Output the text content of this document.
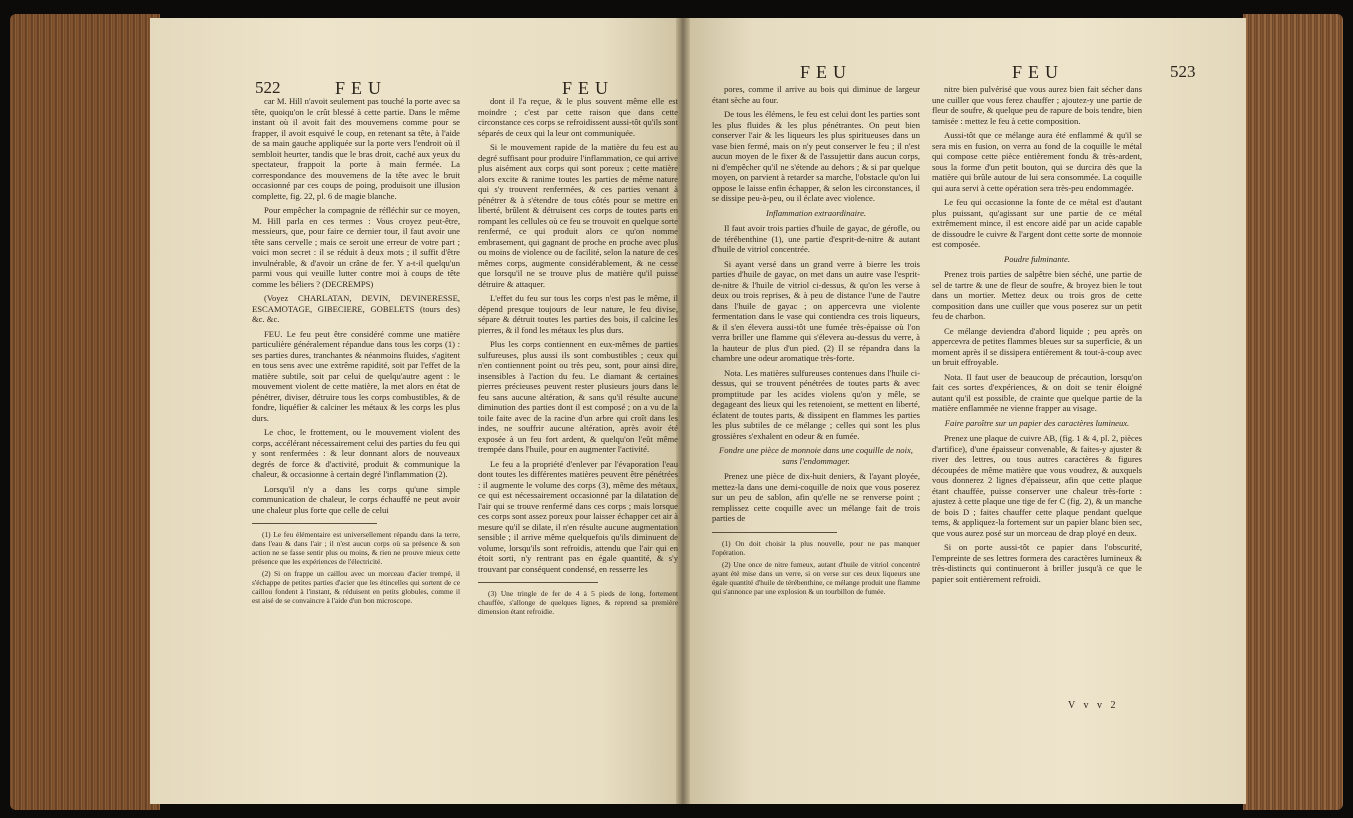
522	FEU	FEU

car M. Hill n'avoit seulement pas touché la porte avec sa tête, quoiqu'on le crût blessé à cette partie. Dans le même instant où il avoit fait des mouvemens comme pour se frapper, il avoit esquivé le coup, en retenant sa tête, à l'aide de sa main gauche appliquée sur la porte vers l'endroit où il sembloit heurter, tandis que le bras droit, caché aux yeux du spectateur, frappoit la porte à main fermée. La correspondance des mouvemens de la tête avec le bruit occasionné par ces coups de poing, produisoit une illusion complette, fig. 22, pl. 6 de magie blanche.

Pour empêcher la compagnie de réfléchir sur ce moyen, M. Hill parla en ces termes : Vous croyez peut-être, messieurs, que, pour faire ce dernier tour, il faut avoir une tête sans cervelle ; mais ce seroit une erreur de votre part ; voici mon secret : il se réduit à deux mots ; il suffit d'être invulnérable, & d'avoir un crâne de fer. Y a-t-il quelqu'un parmi vous qui veuille lutter contre moi à coups de tête comme les béliers ? (DECREMPS)

(Voyez CHARLATAN, DEVIN, DEVINERESSE, ESCAMOTAGE, GIBECIERE, GOBELETS (tours des) &c. &c.

FEU. Le feu peut être considéré comme une matière particulière généralement répandue dans tous les corps (1) : ses parties dures, tranchantes & néanmoins fluides, s'agitent en tous sens avec une extrême rapidité, soit par l'effet de la matière subtile, soit par celui de quelqu'autre agent : le mouvement violent de cette matière, la met alors en état de pénétrer, diviser, détruire tous les corps combustibles, & de fondre, liquéfier & calciner les métaux & les corps les plus durs.

Le choc, le frottement, ou le mouvement violent des corps, accélérant nécessairement celui des parties du feu qui y sont renfermées : & leur donnant alors de nouveaux degrés de force & d'activité, produit & communique la chaleur, & occasionne à certain degré l'inflammation (2).

Lorsqu'il n'y a dans les corps qu'une simple communication de chaleur, le corps échauffé ne peut avoir une chaleur plus forte que celle de celui

(1) Le feu élémentaire est universellement répandu dans la terre, dans l'eau & dans l'air ; il n'est aucun corps où sa présence & son action ne se fasse sentir plus ou moins, & rien ne prouve mieux cette présence que les expériences de l'électricité.

(2) Si on frappe un caillou avec un morceau d'acier trempé, il s'échappe de petites parties d'acier que les étincelles qui sortent de ce caillou fondent à l'instant, & réduisent en petits globules, comme il est aisé de se convaincre à l'aide d'un bon microscope.

dont il l'a reçue, & le plus souvent même elle est moindre ; c'est par cette raison que dans cette circonstance ces corps se refroidissent aussi-tôt qu'ils sont séparés de ceux qui la leur ont communiquée.

Si le mouvement rapide de la matière du feu est au degré suffisant pour produire l'inflammation, ce qui arrive plus aisément aux corps qui sont poreux ; cette matière alors excite & ranime toutes les parties de même nature qui s'y trouvent renfermées, & ces parties venant à pénétrer & à s'étendre de tous côtés pour se mettre en liberté, brûlent & détruisent ces corps de toutes parts en rompant les cellules où ce feu se trouvoit en quelque sorte renfermé, ce qui produit alors ce qu'on nomme embrasement, qui gagnant de proche en proche avec plus ou moins de violence ou de facilité, selon la nature de ces mêmes corps, augmente considérablement, & ne cesse que lorsqu'il ne se trouve plus de matière qu'il puisse détruire & attaquer.

L'effet du feu sur tous les corps n'est pas le même, il dépend presque toujours de leur nature, le feu divise, sépare & détruit toutes les parties des bois, il calcine les pierres, & il fond les métaux les plus durs.

Plus les corps contiennent en eux-mêmes de parties sulfureuses, plus aussi ils sont combustibles ; ceux qui n'en contiennent point ou très peu, sont, pour ainsi dire, insensibles à l'action du feu. Le diamant & certaines pierres précieuses peuvent rester plusieurs jours dans le feu sans aucune altération, & sans qu'il résulte aucune diminution des parties dont il est composé ; on a vu de la toile faite avec de la racine d'un arbre qui croît dans les indes, ne souffrir aucune altération, après avoir été exposée à un feu fort ardent, & quelqu'on l'eût même trempée dans l'huile, pour en augmenter l'activité.

Le feu a la propriété d'enlever par l'évaporation l'eau dont toutes les différentes matières peuvent être pénétrées : il augmente le volume des corps (3), même des métaux, ce qui est nécessairement occasionné par la dilatation de l'air qui se trouve renfermé dans ces corps ; mais lorsque ces corps sont assez poreux pour laisser échapper cet air à mesure qu'il se dilate, il n'en résulte aucune augmentation sensible ; il arrive même quelquefois qu'ils diminuent de volume, lorsqu'ils sont refroidis, attendu que l'air qui en étoit sorti, n'y rentrant pas en égale quantité, & s'y trouvant par conséquent condensé, en resserre les

(3) Une tringle de fer de 4 à 5 pieds de long, fortement chauffée, s'allonge de quelques lignes, & reprend sa première dimension étant refroidie.

FEU	FEU	523

pores, comme il arrive au bois qui diminue de largeur étant sèche au four.

De tous les élémens, le feu est celui dont les parties sont les plus fluides & les plus pénétrantes. On peut bien conserver l'air & les liqueurs les plus spiritueuses dans un vase bien fermé, mais on n'y peut conserver le feu ; il n'est aucun moyen de le fixer & de l'assujettir dans aucun corps, ni d'empêcher qu'il ne s'étende au dehors ; & si par quelque moyen, on parvient à retarder sa marche, l'obstacle qu'on lui oppose le laisse enfin échapper, & selon les circonstances, il se dissipe peu-à-peu, ou il éclate avec violence.

Inflammation extraordinaire.

Il faut avoir trois parties d'huile de gayac, de gérofle, ou de térébenthine (1), une partie d'esprit-de-nitre & autant d'huile de vitriol concentrée.

Si ayant versé dans un grand verre à bierre les trois parties d'huile de gayac, on met dans un autre vase l'esprit-de-nitre & l'huile de vitriol ci-dessus, & qu'on les verse à deux ou trois reprises, & à peu de distance l'une de l'autre dans l'huile de gayac ; on appercevra une violente fermentation dans le vase qui contiendra ces trois liqueurs, & il s'en élevera aussi-tôt une fumée très-épaisse où l'on verra briller une flamme qui s'élevera au-dessus du verre, à la hauteur de plus d'un pied. (2) Il se répandra dans la chambre une odeur aromatique très-forte.

Nota. Les matières sulfureuses contenues dans l'huile ci-dessus, qui se trouvent pénétrées de toutes parts & avec promptitude par les acides violens qu'on y mêle, se degageant des lieux qui les retenoient, se mettent en liberté, éclatent de toutes parts, & dissipent en flammes les parties les plus subtiles de ce mélange ; celles qui sont les plus grossières s'exhalent en odeur & en fumée.

Fondre une pièce de monnoie dans une coquille de noix, sans l'endommager.

Prenez une pièce de dix-huit deniers, & l'ayant ployée, mettez-la dans une demi-coquille de noix que vous poserez sur un peu de sablon, afin qu'elle ne se renverse point ; remplissez cette coquille avec un mélange fait de trois parties de

(1) On doit choisir la plus nouvelle, pour ne pas manquer l'opération.

(2) Une once de nitre fumeux, autant d'huile de vitriol concentré ayant été mise dans un verre, si on verse sur ces deux liqueurs une égale quantité d'huile de térébenthine, ce mélange produit une flamme qui s'annonce par une explosion & un tourbillon de fumée.

nitre bien pulvérisé que vous aurez bien fait sécher dans une cuiller que vous ferez chauffer ; ajoutez-y une partie de fleur de soufre, & quelque peu de rapure de bois tendre, bien tamisée : mettez le feu à cette composition.

Aussi-tôt que ce mélange aura été enflammé & qu'il se sera mis en fusion, on verra au fond de la coquille le métal qui compose cette pièce entièrement fondu & très-ardent, sous la forme d'un petit bouton, qui se durcira dès que la matière qui brûle autour de lui sera consommée. La coquille qui aura servi à cette opération sera très-peu endommagée.

Le feu qui occasionne la fonte de ce métal est d'autant plus puissant, qu'agissant sur une partie de ce métal extrêmement mince, il est encore aidé par un acide capable de dissoudre le cuivre & l'argent dont cette sorte de monnoie est composée.

Poudre fulminante.

Prenez trois parties de salpêtre bien séché, une partie de sel de tartre & une de fleur de soufre, & broyez bien le tout dans un mortier. Mettez deux ou trois gros de cette composition dans une cuiller que vous poserez sur un petit feu de charbon.

Ce mélange deviendra d'abord liquide ; peu après on appercevra de petites flammes bleues sur sa superficie, & un moment après il se dissipera entièrement & tout-à-coup avec un bruit effroyable.

Nota. Il faut user de beaucoup de précaution, lorsqu'on fait ces sortes d'expériences, & on doit se tenir éloigné autant qu'il est possible, de crainte que quelque partie de la matière enflammée ne vienne frapper au visage.

Faire paroître sur un papier des caractères lumineux.

Prenez une plaque de cuivre AB, (fig. 1 & 4, pl. 2, pièces d'artifice), d'une épaisseur convenable, & faites-y ajuster & river des lettres, ou tous autres caractères & figures découpées de même matière que vous voudrez, & auxquels vous donnerez 2 lignes d'épaisseur, afin que cette plaque étant chauffée, puisse conserver une chaleur très-forte : ajustez à cette plaque une tige de fer C (fig. 2), & un manche de bois D ; faites chauffer cette plaque pendant quelque tems, & appliquez-la fortement sur un papier blanc bien sec, que vous aurez posé sur un morceau de drap ployé en deux.

Si on porte aussi-tôt ce papier dans l'obscurité, l'empreinte de ses lettres formera des caractères lumineux & très-distincts qui continueront à briller jusqu'à ce que le papier soit entièrement refroidi.

V v v 2
